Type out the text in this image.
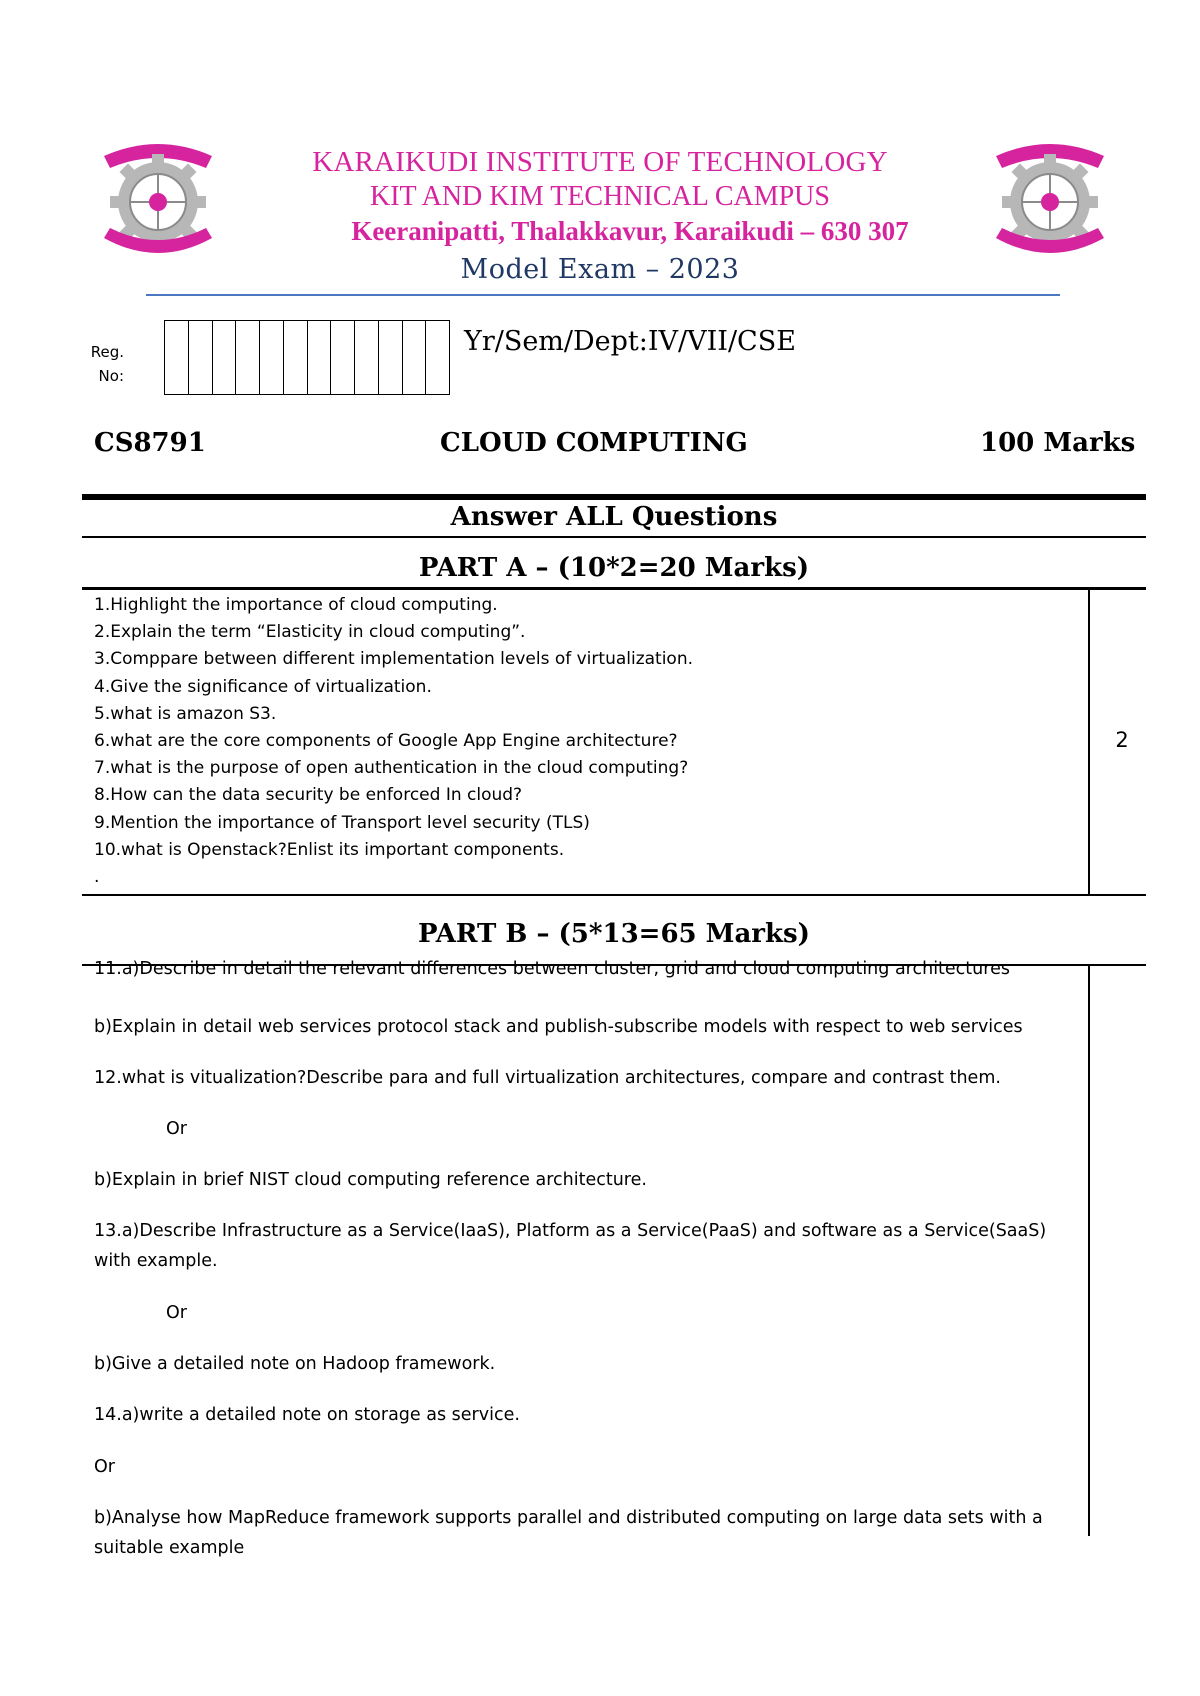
KARAIKUDI INSTITUTE OF TECHNOLOGY
KIT AND KIM TECHNICAL CAMPUS
Keeranipatti, Thalakkavur, Karaikudi – 630 307
Model Exam – 2023
Reg.
No:
Yr/Sem/Dept:IV/VII/CSE
CS8791	CLOUD COMPUTING	100 Marks
Answer ALL Questions
PART A – (10*2=20 Marks)
1.Highlight the importance of cloud computing.
2.Explain the term “Elasticity in cloud computing”.
3.Comppare between different implementation levels of virtualization.
4.Give the significance of virtualization.
5.what is amazon S3.
6.what are the core components of Google App Engine architecture?
7.what is the purpose of open authentication in the cloud computing?
8.How can the data security be enforced In cloud?
9.Mention the importance of Transport level security (TLS)
10.what is Openstack?Enlist its important components.
.
2
PART B – (5*13=65 Marks)
11.a)Describe in detail the relevant differences between cluster, grid and cloud computing architectures
b)Explain in detail web services protocol stack and publish-subscribe models with respect to web services
12.what is vitualization?Describe para and full virtualization architectures, compare and contrast them.
Or
b)Explain in brief NIST cloud computing reference architecture.
13.a)Describe Infrastructure as a Service(IaaS), Platform as a Service(PaaS) and software as a Service(SaaS) with example.
Or
b)Give a detailed note on Hadoop framework.
14.a)write a detailed note on storage as service.
Or
b)Analyse how MapReduce framework supports parallel and distributed computing on large data sets with a suitable example
